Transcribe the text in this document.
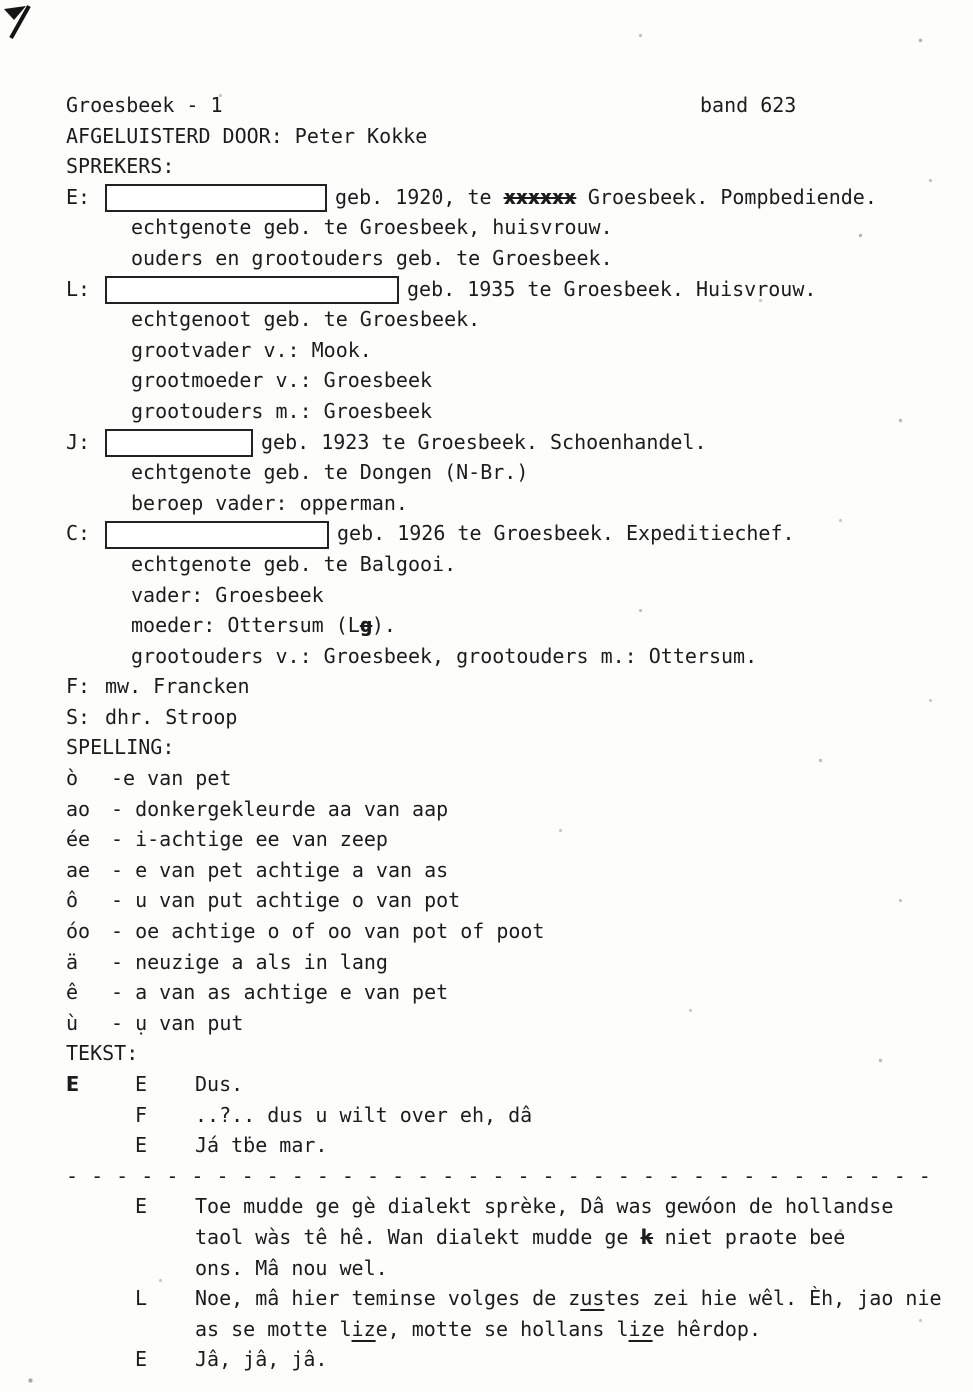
Groesbeek - 1	band 623
AFGELUISTERD DOOR: Peter Kokke
SPREKERS:
E:	geb. 1920, te xxxxxx Groesbeek. Pompbediende.
echtgenote geb. te Groesbeek, huisvrouw.
ouders en grootouders geb. te Groesbeek.
L:	geb. 1935 te Groesbeek. Huisvrouw.
echtgenoot geb. te Groesbeek.
grootvader v.: Mook.
grootmoeder v.: Groesbeek
grootouders m.: Groesbeek
J:	geb. 1923 te Groesbeek. Schoenhandel.
echtgenote geb. te Dongen (N-Br.)
beroep vader: opperman.
C:	geb. 1926 te Groesbeek. Expeditiechef.
echtgenote geb. te Balgooi.
vader: Groesbeek
moeder: Ottersum (L g ).
grootouders v.: Groesbeek, grootouders m.: Ottersum.
F: mw. Francken
S: dhr. Stroop
SPELLING:
ò	-e van pet
ao	- donkergekleurde aa van aap
ée	- i-achtige ee van zeep
ae	- e van pet achtige a van as
ô	- u van put achtige o van pot
óo	- oe achtige o of oo van pot of poot
ä	- neuzige a als in lang
ê	- a van as achtige e van pet
ù	- ụ van put
TEKST:
E	E	Dus.
F	..?.. dus u wilt over eh, dâ
E	Já tḃe mar.
- - - - - - - - - - - - - - - - - - - - - - - - - - - - - - - - - - -
E	Toe mudde ge gè dialekt sprèke, Dâ was gewóon de hollandse
taol wàs tê hê. Wan dialekt mudde ge k niet praote bee
ons. Mâ nou wel.
L	Noe, mâ hier teminse volges de zustes zei hie wêl. Èh, jao nie
as se motte lize, motte se hollans lize hêrdop.
E	Jâ, jâ, jâ.
